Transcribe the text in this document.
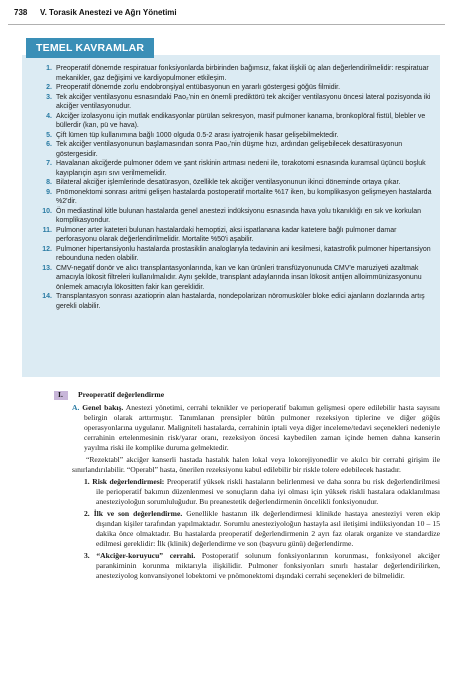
738 V. Torasik Anestezi ve Ağrı Yönetimi
TEMEL KAVRAMLAR
1. Preoperatif dönemde respiratuar fonksiyonlarda birbirinden bağımsız, fakat ilişkili üç alan değerlendirilmelidir: respiratuar mekanikler, gaz değişimi ve kardiyopulmoner etkileşim.
2. Preoperatif dönemde zorlu endobronşiyal entübasyonun en yararlı göstergesi göğüs filmidir.
3. Tek akciğer ventilasyonu esnasındaki Pao₂'nin en önemli prediktörü tek akciğer ventilasyonu öncesi lateral pozisyonda iki akciğer ventilasyonudur.
4. Akciğer izolasyonu için mutlak endikasyonlar pürülan sekresyon, masif pulmoner kanama, bronkoplöral fistül, blebler ve büllerdir (kan, pü ve hava).
5. Çift lümen tüp kullanımına bağlı 1000 olguda 0.5-2 arası iyatrojenik hasar gelişebilmektedir.
6. Tek akciğer ventilasyonunun başlamasından sonra Pao₂'nin düşme hızı, ardından gelişebilecek desatürasyonun göstergesidir.
7. Havalanan akciğerde pulmoner ödem ve şant riskinin artması nedeni ile, torakotomi esnasında kuramsal üçüncü boşluk kayıplarıçin aşırı sıvı verilmemelidir.
8. Bilateral akciğer işlemlerinde desatürasyon, özellikle tek akciğer ventilasyonunun ikinci döneminde ortaya çıkar.
9. Pnömonektomi sonrası aritmi gelişen hastalarda postoperatif mortalite %17 iken, bu komplikasyon gelişmeyen hastalarda %2'dir.
10. Ön mediastinal kitle bulunan hastalarda genel anestezi indüksiyonu esnasında hava yolu tıkanıklığı en sık ve korkulan komplikasyondur.
11. Pulmoner arter kateteri bulunan hastalardaki hemoptizi, aksi ispatlanana kadar katetere bağlı pulmoner damar perforasyonu olarak değerlendirilmelidir. Mortalite %50'i aşabilir.
12. Pulmoner hipertansiyonlu hastalarda prostasiklin analoglarıyla tedavinin ani kesilmesi, katastrofik pulmoner hipertansiyon reboundunа neden olabilir.
13. CMV-negatif donör ve alıcı transplantasyonlarında, kan ve kan ürünleri transfüzyonunuda CMV'e maruziyeti azaltmak amacıyla lökosit filtreleri kullanılmalıdır. Aynı şekilde, transplant adaylarında insan lökosit antijen alloimmünizasyonunu önlemek amacıyla lökositten fakir kan gereklidir.
14. Transplantasyon sonrası azatioprin alan hastalarda, nondepolarizan nöromusküler bloke edici ajanların dozlarında artış gerekli olabilir.
I. Preoperatif değerlendirme

A. Genel bakış. Anestezi yönetimi, cerrahi teknikler ve perioperatif bakımın gelişmesi opere edilebilir hasta sayısını belirgin olarak arttırmıştır. Tanımlanan prensipler bütün pulmoner rezeksiyon tiplerine ve diğer göğüs operasyonlarına uygulanır. Maligniteli hastalarda, cerrahinin iptali veya diğer inceleme/tedavi seçenekleri nedeniyle cerrahinin ertelenmesinin risk/yarar oranı, rezeksiyon öncesi kaybedilen zaman içinde hemen dahna kanserin yayılma riski ile komplike duruma gelmektedir.

“Rezektabl” akciğer kanserli hastada hastalık halen lokal veya lokorejiyonedlir ve akılcı bir cerrahi girişim ile sınırlandırılabilir. “Operabl” hasta, önerilen rezeksiyonu kabul edilebilir bir riskle tolere edebilecek hastadır.

1. Risk değerlendirmesi: Preoperatif yüksek riskli hastaların belirlenmesi ve daha sonra bu risk değerlendirilmesi ile perioperatif bakımın düzenlenmesi ve sonuçların daha iyi olması için yüksek riskli hastalara odaklanılması anesteziyoloğun sorumluluğudur. Bu preanestetik değerlendirmenin öncelikli fonksiyonudur.

2. İlk ve son değerlendirme. Genellikle hastanın ilk değerlendirmesi klinikde hastaya anesteziyi veren ekip dışından kişiler tarafından yapılmaktadır. Sorumlu anesteziyoloğun hastayla asıl iletişimi indüksiyondan 10 – 15 dakika önce olmaktadır. Bu hastalarda preoperatif değerlendirmenin 2 ayrı faz olarak organize ve standardize edilmesi gereklidir: İlk (klinik) değerlendirme ve son (başvuru günü) değerlendirme.

3. “Akciğer-koruyucu” cerrahi. Postoperatif solunum fonksiyonlarının korunması, fonksiyonel akciğer parankiminin korunma miktarıyla ilişkilidir. Pulmoner fonksiyonları sınırlı hastalar değerlendirilirken, anesteziyolog konvansiyonel lobektomi ve pnömonektomi dışındaki cerrahi seçenekleri de bilmelidir.
